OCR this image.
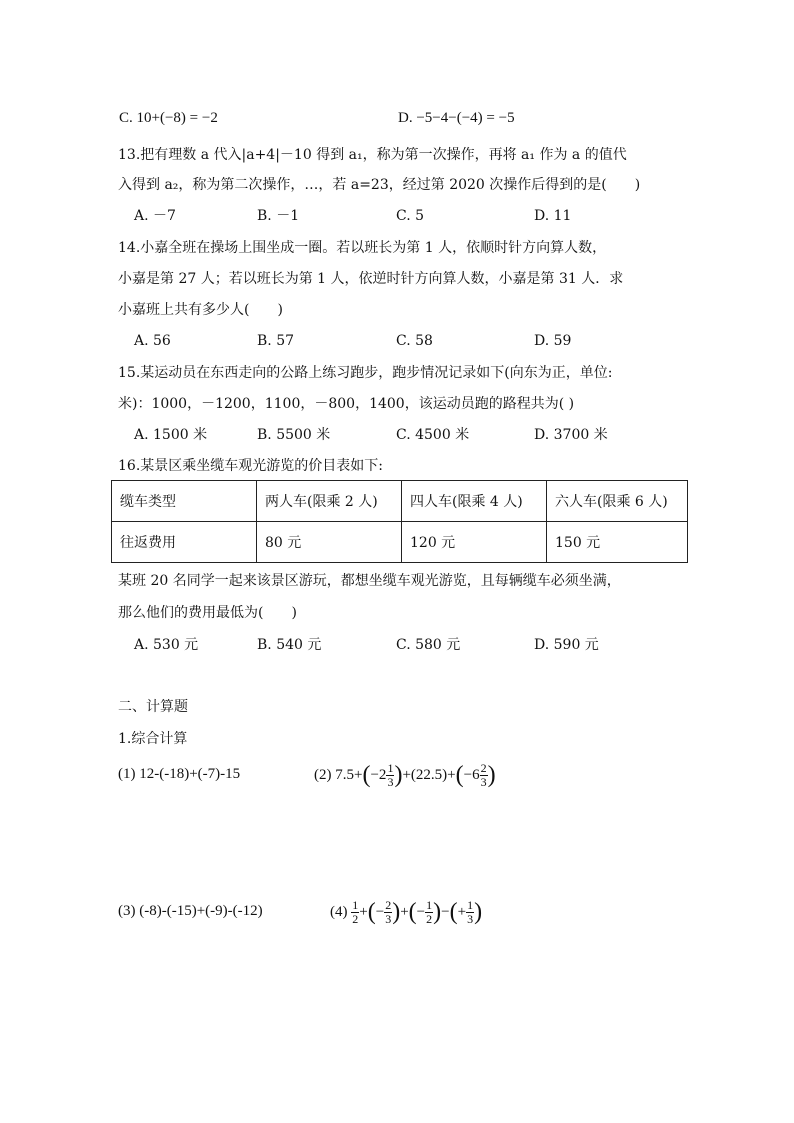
C. 10+(−8) = −2	D. −5−4−(−4) = −5
13.把有理数 a 代入|a+4|－10 得到 a₁，称为第一次操作，再将 a₁ 作为 a 的值代
入得到 a₂，称为第二次操作，…，若 a=23，经过第 2020 次操作后得到的是(　　)
A. －7	B. －1	C. 5	D. 11
14.小嘉全班在操场上围坐成一圈。若以班长为第 1 人，依顺时针方向算人数，
小嘉是第 27 人；若以班长为第 1 人，依逆时针方向算人数，小嘉是第 31 人．求
小嘉班上共有多少人(　　)
A. 56	B. 57	C. 58	D. 59
15.某运动员在东西走向的公路上练习跑步，跑步情况记录如下(向东为正，单位:
米)：1000，－1200，1100，－800，1400，该运动员跑的路程共为( )
A. 1500 米	B. 5500 米	C. 4500 米	D. 3700 米
16.某景区乘坐缆车观光游览的价目表如下:
缆车类型	两人车(限乘 2 人)	四人车(限乘 4 人)	六人车(限乘 6 人)
往返费用	80 元	120 元	150 元
某班 20 名同学一起来该景区游玩，都想坐缆车观光游览，且每辆缆车必须坐满，
那么他们的费用最低为(　　)
A. 530 元	B. 540 元	C. 580 元	D. 590 元
二、计算题
1.综合计算
(1) 12-(-18)+(-7)-15	(2)
7.5+ ( $-2 \frac{1}{3}$ ) +(22.5)+ ( $-6 \frac{2}{3}$ )
(3) (-8)-(-15)+(-9)-(-12)	(4)
$\frac{1}{2}$ + ( − $\frac{2}{3}$ ) + ( − $\frac{1}{2}$ ) − ( + $\frac{1}{3}$ )
